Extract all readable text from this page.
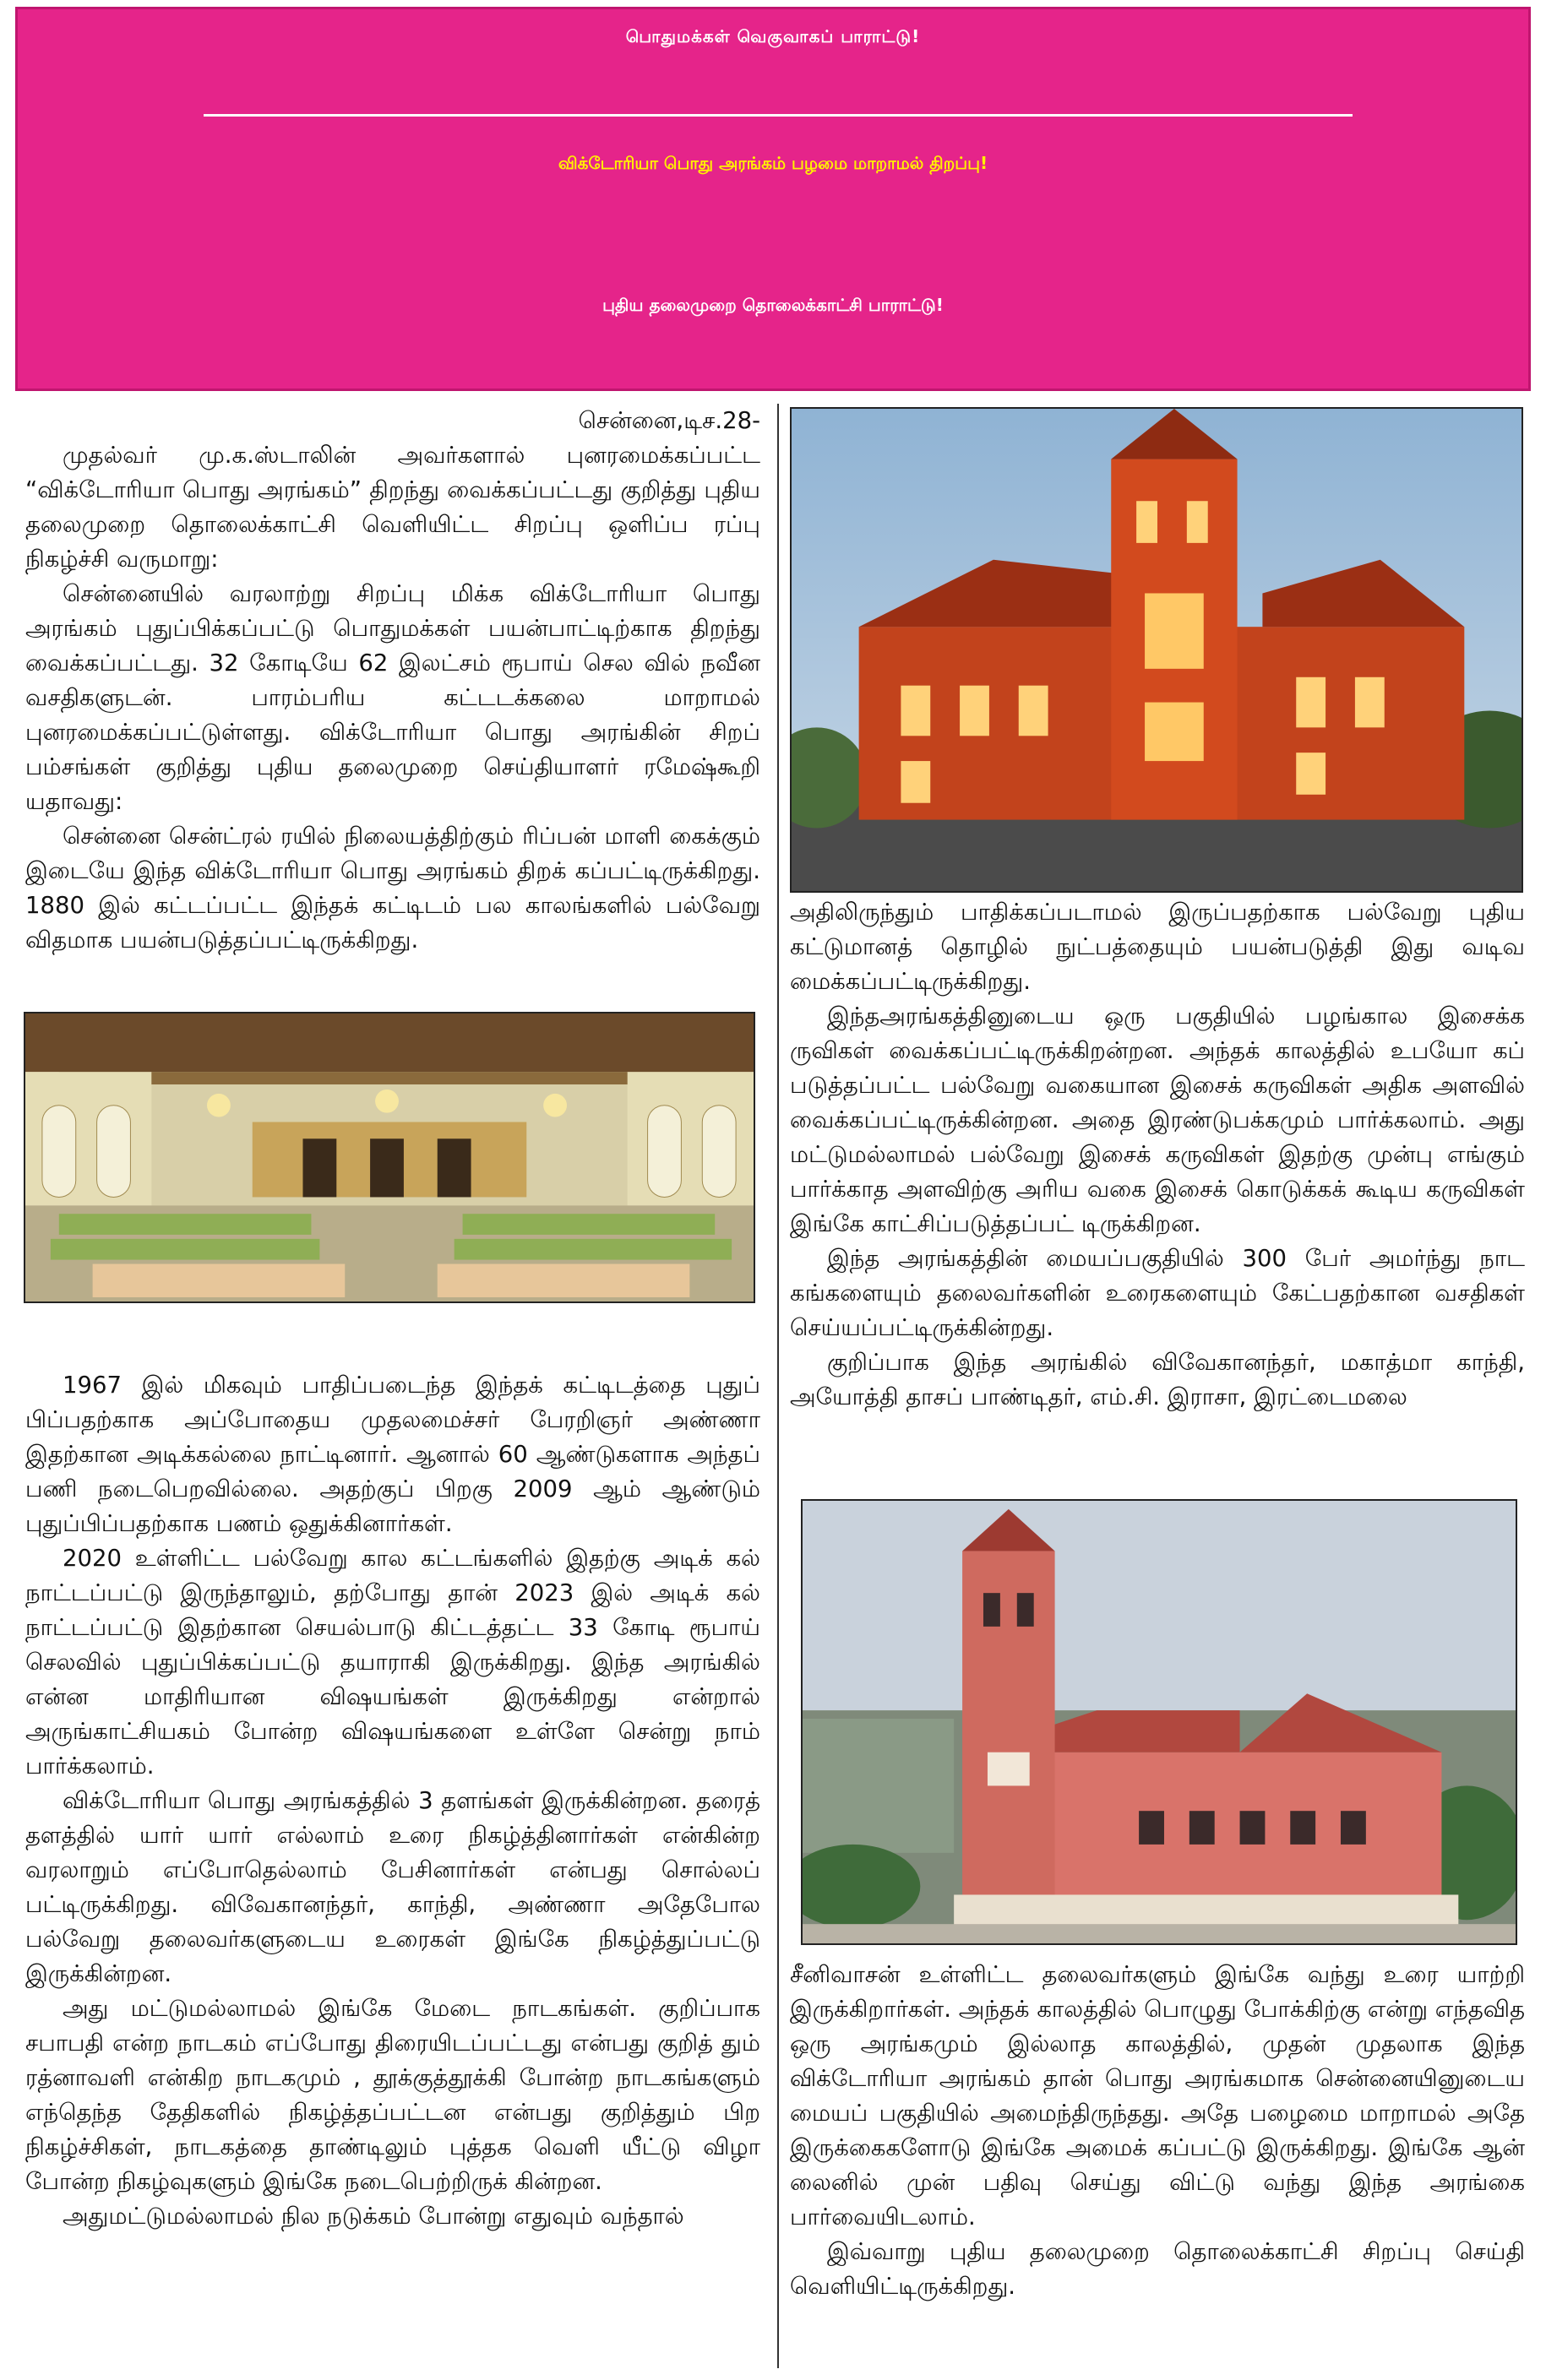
பொதுமக்கள் வெகுவாகப் பாராட்டு!
விக்டோரியா பொது அரங்கம் பழமை மாறாமல் திறப்பு!
புதிய தலைமுறை தொலைக்காட்சி பாராட்டு!

சென்னை,டிச.28-

முதல்வர் மு.க.ஸ்டாலின் அவர்களால் புனரமைக்கப்பட்ட “விக்டோரியா பொது அரங்கம்” திறந்து வைக்கப்பட்டது குறித்து புதிய தலைமுறை தொலைக்காட்சி வெளியிட்ட சிறப்பு ஒளிப்ப ரப்பு நிகழ்ச்சி வருமாறு:

சென்னையில் வரலாற்று சிறப்பு மிக்க விக்டோரியா பொது அரங்கம் புதுப்பிக்கப்பட்டு பொதுமக்கள் பயன்பாட்டிற்காக திறந்து வைக்கப்பட்டது. 32 கோடியே 62 இலட்சம் ரூபாய் செல வில் நவீன வசதிகளுடன். பாரம்பரிய கட்டடக்கலை மாறாமல் புனரமைக்கப்பட்டுள்ளது. விக்டோரியா பொது அரங்கின் சிறப் பம்சங்கள் குறித்து புதிய தலைமுறை செய்தியாளர் ரமேஷ்கூறி யதாவது:

சென்னை சென்ட்ரல் ரயில் நிலையத்திற்கும் ரிப்பன் மாளி கைக்கும் இடையே இந்த விக்டோரியா பொது அரங்கம் திறக் கப்பட்டிருக்கிறது. 1880 இல் கட்டப்பட்ட இந்தக் கட்டிடம் பல காலங்களில் பல்வேறு விதமாக பயன்படுத்தப்பட்டிருக்கிறது.

1967 இல் மிகவும் பாதிப்படைந்த இந்தக் கட்டிடத்தை புதுப் பிப்பதற்காக அப்போதைய முதலமைச்சர் பேரறிஞர் அண்ணா இதற்கான அடிக்கல்லை நாட்டினார். ஆனால் 60 ஆண்டுகளாக அந்தப் பணி நடைபெறவில்லை. அதற்குப் பிறகு 2009 ஆம் ஆண்டும் புதுப்பிப்பதற்காக பணம் ஒதுக்கினார்கள்.

2020 உள்ளிட்ட பல்வேறு கால கட்டங்களில் இதற்கு அடிக் கல் நாட்டப்பட்டு இருந்தாலும், தற்போது தான் 2023 இல் அடிக் கல் நாட்டப்பட்டு இதற்கான செயல்பாடு கிட்டத்தட்ட 33 கோடி ரூபாய் செலவில் புதுப்பிக்கப்பட்டு தயாராகி இருக்கிறது. இந்த அரங்கில் என்ன மாதிரியான விஷயங்கள் இருக்கிறது என்றால் அருங்காட்சியகம் போன்ற விஷயங்களை உள்ளே சென்று நாம் பார்க்கலாம்.

விக்டோரியா பொது அரங்கத்தில் 3 தளங்கள் இருக்கின்றன. தரைத் தளத்தில் யார் யார் எல்லாம் உரை நிகழ்த்தினார்கள் என்கின்ற வரலாறும் எப்போதெல்லாம் பேசினார்கள் என்பது சொல்லப் பட்டிருக்கிறது. விவேகானந்தர், காந்தி, அண்ணா அதேபோல பல்வேறு தலைவர்களுடைய உரைகள் இங்கே நிகழ்த்துப்பட்டு இருக்கின்றன.

அது மட்டுமல்லாமல் இங்கே மேடை நாடகங்கள். குறிப்பாக சபாபதி என்ற நாடகம் எப்போது திரையிடப்பட்டது என்பது குறித் தும் ரத்னாவளி என்கிற நாடகமும் , தூக்குத்தூக்கி போன்ற நாடகங்களும் எந்தெந்த தேதிகளில் நிகழ்த்தப்பட்டன என்பது குறித்தும் பிற நிகழ்ச்சிகள், நாடகத்தை தாண்டிலும் புத்தக வெளி யீட்டு விழா போன்ற நிகழ்வுகளும் இங்கே நடைபெற்றிருக் கின்றன.

அதுமட்டுமல்லாமல் நில நடுக்கம் போன்று எதுவும் வந்தால்

அதிலிருந்தும் பாதிக்கப்படாமல் இருப்பதற்காக பல்வேறு புதிய கட்டுமானத் தொழில் நுட்பத்தையும் பயன்படுத்தி இது வடிவ மைக்கப்பட்டிருக்கிறது.

இந்தஅரங்கத்தினுடைய ஒரு பகுதியில் பழங்கால இசைக்க ருவிகள் வைக்கப்பட்டிருக்கிறன்றன. அந்தக் காலத்தில் உபயோ கப் படுத்தப்பட்ட பல்வேறு வகையான இசைக் கருவிகள் அதிக அளவில் வைக்கப்பட்டிருக்கின்றன. அதை இரண்டுபக்கமும் பார்க்கலாம். அது மட்டுமல்லாமல் பல்வேறு இசைக் கருவிகள் இதற்கு முன்பு எங்கும் பார்க்காத அளவிற்கு அரிய வகை இசைக் கொடுக்கக் கூடிய கருவிகள் இங்கே காட்சிப்படுத்தப்பட் டிருக்கிறன.

இந்த அரங்கத்தின் மையப்பகுதியில் 300 பேர் அமர்ந்து நாட கங்களையும் தலைவர்களின் உரைகளையும் கேட்பதற்கான வசதிகள் செய்யப்பட்டிருக்கின்றது.

குறிப்பாக இந்த அரங்கில் விவேகானந்தர், மகாத்மா காந்தி, அயோத்தி தாசப் பாண்டிதர், எம்.சி. இராசா, இரட்டைமலை

சீனிவாசன் உள்ளிட்ட தலைவர்களும் இங்கே வந்து உரை யாற்றி இருக்கிறார்கள். அந்தக் காலத்தில் பொழுது போக்கிற்கு என்று எந்தவித ஒரு அரங்கமும் இல்லாத காலத்தில், முதன் முதலாக இந்த விக்டோரியா அரங்கம் தான் பொது அரங்கமாக சென்னையினுடைய மையப் பகுதியில் அமைந்திருந்தது. அதே பழைமை மாறாமல் அதே இருக்கைகளோடு இங்கே அமைக் கப்பட்டு இருக்கிறது. இங்கே ஆன் லைனில் முன் பதிவு செய்து விட்டு வந்து இந்த அரங்கை பார்வையிடலாம்.

இவ்வாறு புதிய தலைமுறை தொலைக்காட்சி சிறப்பு செய்தி வெளியிட்டிருக்கிறது.
